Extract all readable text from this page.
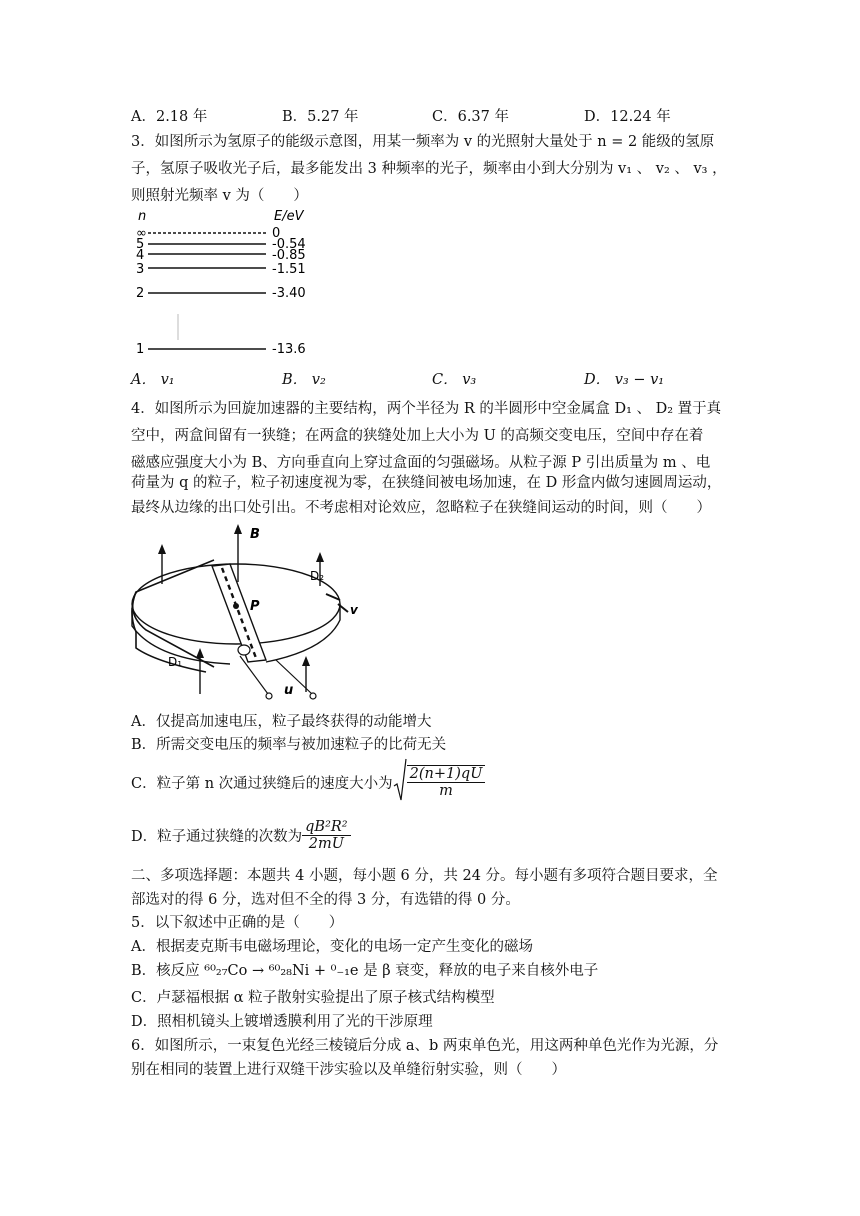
A．2.18 年	B．5.27 年	C．6.37 年	D．12.24 年
3．如图所示为氢原子的能级示意图，用某一频率为 v 的光照射大量处于 n = 2 能级的氢原
子，氢原子吸收光子后，最多能发出 3 种频率的光子，频率由小到大分别为 v₁ 、 v₂ 、 v₃ ，
则照射光频率 v 为（　　）
n	E/eV
∞	0
5	-0.54
4	-0.85
3	-1.51
2	-3.40
1	-13.6
A． v₁	B． v₂	C． v₃	D． v₃ − v₁
4．如图所示为回旋加速器的主要结构，两个半径为 R 的半圆形中空金属盒 D₁ 、 D₂ 置于真
空中，两盒间留有一狭缝；在两盒的狭缝处加上大小为 U 的高频交变电压，空间中存在着
磁感应强度大小为 B、方向垂直向上穿过盒面的匀强磁场。从粒子源 P 引出质量为 m 、电
荷量为 q 的粒子，粒子初速度视为零，在狭缝间被电场加速，在 D 形盒内做匀速圆周运动，
最终从边缘的出口处引出。不考虑相对论效应，忽略粒子在狭缝间运动的时间，则（　　）
P
B
v
D₂
D₁
u
A．仅提高加速电压，粒子最终获得的动能增大
B．所需交变电压的频率与被加速粒子的比荷无关
C．粒子第 n 次通过狭缝后的速度大小为 $\frac{2(n+1)qU}{m}$
D．粒子通过狭缝的次数为 $\frac{\text{qB²R²}}{2mU}$
二、多项选择题：本题共 4 小题，每小题 6 分，共 24 分。每小题有多项符合题目要求，全
部选对的得 6 分，选对但不全的得 3 分，有选错的得 0 分。
5．以下叙述中正确的是（　　）
A．根据麦克斯韦电磁场理论，变化的电场一定产生变化的磁场
B．核反应 ⁶⁰₂₇Co → ⁶⁰₂₈Ni + ⁰₋₁e 是 β 衰变，释放的电子来自核外电子
C．卢瑟福根据 α 粒子散射实验提出了原子核式结构模型
D．照相机镜头上镀增透膜利用了光的干涉原理
6．如图所示，一束复色光经三棱镜后分成 a、b 两束单色光，用这两种单色光作为光源，分
别在相同的装置上进行双缝干涉实验以及单缝衍射实验，则（　　）
